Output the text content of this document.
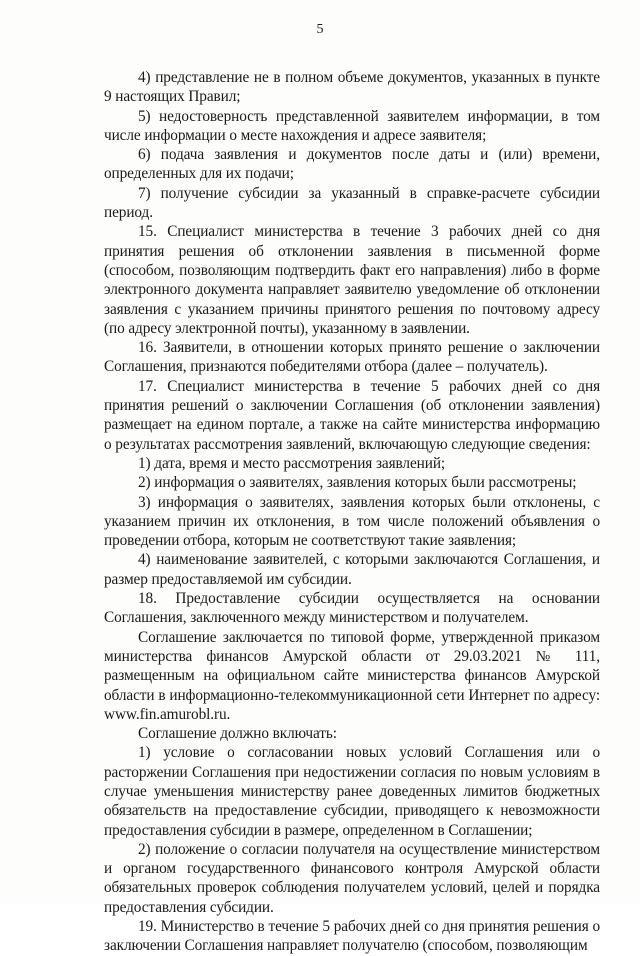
5

4) представление не в полном объеме документов, указанных в пункте 9 настоящих Правил;

5) недостоверность представленной заявителем информации, в том числе информации о месте нахождения и адресе заявителя;

6) подача заявления и документов после даты и (или) времени, определенных для их подачи;

7) получение субсидии за указанный в справке-расчете субсидии период.

15. Специалист министерства в течение 3 рабочих дней со дня принятия решения об отклонении заявления в письменной форме (способом, позволяющим подтвердить факт его направления) либо в форме электронного документа направляет заявителю уведомление об отклонении заявления с указанием причины принятого решения по почтовому адресу (по адресу электронной почты), указанному в заявлении.

16. Заявители, в отношении которых принято решение о заключении Соглашения, признаются победителями отбора (далее – получатель).

17. Специалист министерства в течение 5 рабочих дней со дня принятия решений о заключении Соглашения (об отклонении заявления) размещает на едином портале, а также на сайте министерства информацию о результатах рассмотрения заявлений, включающую следующие сведения:

1) дата, время и место рассмотрения заявлений;

2) информация о заявителях, заявления которых были рассмотрены;

3) информация о заявителях, заявления которых были отклонены, с указанием причин их отклонения, в том числе положений объявления о проведении отбора, которым не соответствуют такие заявления;

4) наименование заявителей, с которыми заключаются Соглашения, и размер предоставляемой им субсидии.

18. Предоставление субсидии осуществляется на основании Соглашения, заключенного между министерством и получателем.

Соглашение заключается по типовой форме, утвержденной приказом министерства финансов Амурской области от 29.03.2021 № 111, размещенным на официальном сайте министерства финансов Амурской области в информационно-телекоммуникационной сети Интернет по адресу: www.fin.amurobl.ru.

Соглашение должно включать:

1) условие о согласовании новых условий Соглашения или о расторжении Соглашения при недостижении согласия по новым условиям в случае уменьшения министерству ранее доведенных лимитов бюджетных обязательств на предоставление субсидии, приводящего к невозможности предоставления субсидии в размере, определенном в Соглашении;

2) положение о согласии получателя на осуществление министерством и органом государственного финансового контроля Амурской области обязательных проверок соблюдения получателем условий, целей и порядка предоставления субсидии.

19. Министерство в течение 5 рабочих дней со дня принятия решения о заключении Соглашения направляет получателю (способом, позволяющим
